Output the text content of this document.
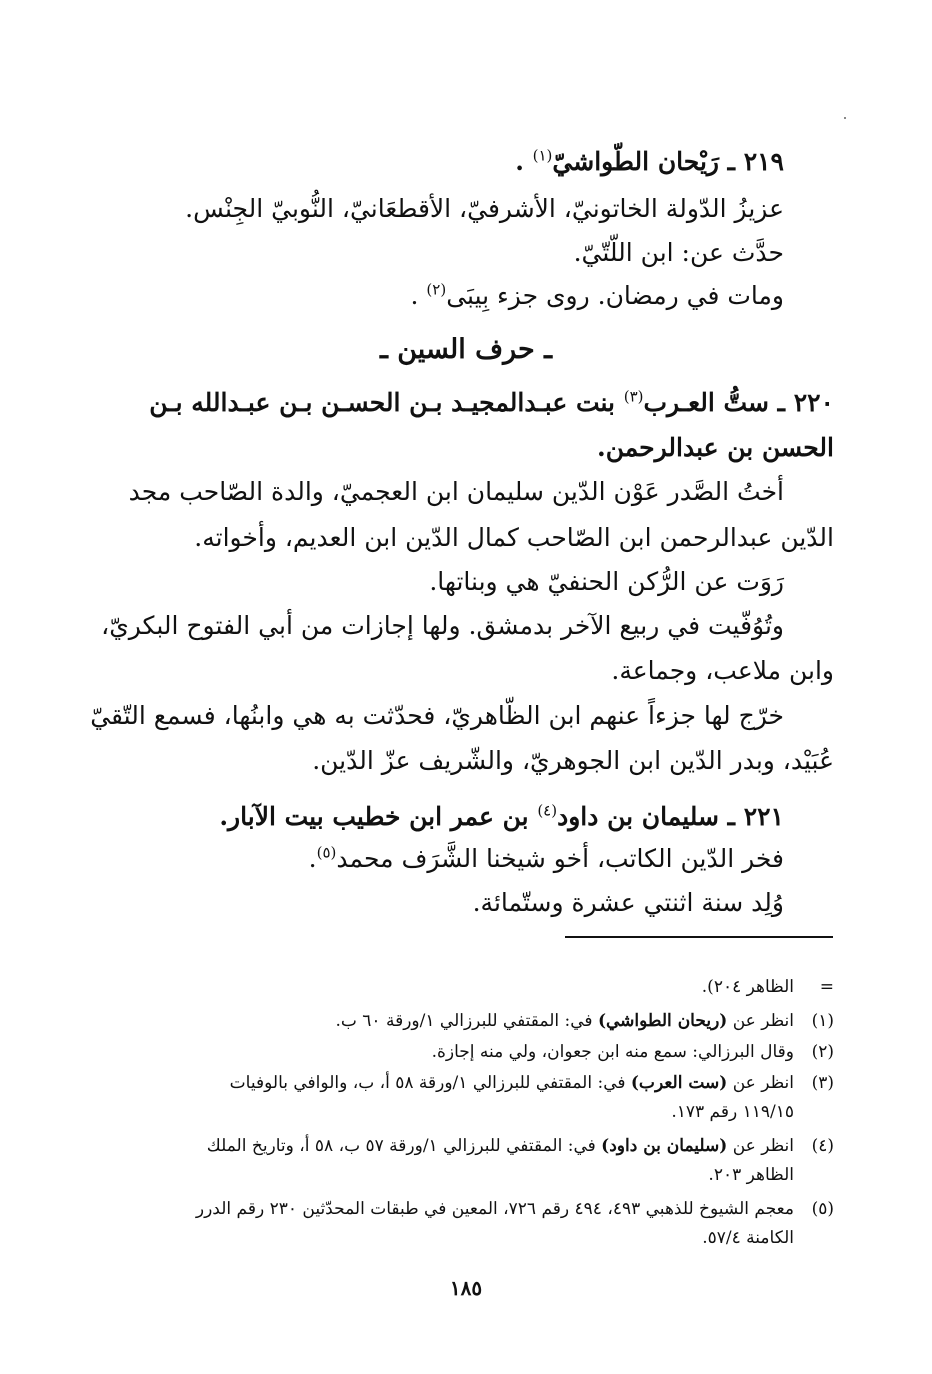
٢١٩ ـ رَيْحان الطّواشيّ$^{(١)}$ .
عزيزُ الدّولة الخاتونيّ، الأشرفيّ، الأقطعَانيّ، النُّوبيّ الجِنْس.
حدَّث عن: ابن اللّتّيّ.
ومات في رمضان. روى جزء بِيبَى$^{(٢)}$ .
ـ حرف السين ـ
٢٢٠ ـ ستُّ العـرب$^{(٣)}$ بنت عبـدالمجيـد بـن الحسـن بـن عبـدالله بـن
الحسن بن عبدالرحمن.
أختُ الصَّدر عَوْن الدّين سليمان ابن العجميّ، والدة الصّاحب مجد
الدّين عبدالرحمن ابن الصّاحب كمال الدّين ابن العديم، وأخواته.
رَوَت عن الرُّكن الحنفيّ هي وبناتها.
وتُوُفّيت في ربيع الآخر بدمشق. ولها إجازات من أبي الفتوح البكريّ،
وابن ملاعب، وجماعة.
خرّج لها جزءاً عنهم ابن الظّاهريّ، فحدّثت به هي وابنُها، فسمع التّقيّ
عُبَيْد، وبدر الدّين ابن الجوهريّ، والشّريف عزّ الدّين.
٢٢١ ـ سليمان بن داود$^{(٤)}$ بن عمر ابن خطيب بيت الآبار.
فخر الدّين الكاتب، أخو شيخنا الشَّرَف محمد$^{(٥)}$.
وُلِد سنة اثنتي عشرة وستّمائة.
=الظاهر ٢٠٤).
(١)انظر عن (ريحان الطواشي) في: المقتفي للبرزالي ١/ورقة ٦٠ ب.
(٢)وقال البرزالي: سمع منه ابن جعوان، ولي منه إجازة.
(٣)انظر عن (ست العرب) في: المقتفي للبرزالي ١/ورقة ٥٨ أ، ب، والوافي بالوفيات
١١٩/١٥ رقم ١٧٣.
(٤)انظر عن (سليمان بن داود) في: المقتفي للبرزالي ١/ورقة ٥٧ ب، ٥٨ أ، وتاريخ الملك
الظاهر ٢٠٣.
(٥)معجم الشيوخ للذهبي ٤٩٣، ٤٩٤ رقم ٧٢٦، المعين في طبقات المحدّثين ٢٣٠ رقم الدرر
الكامنة ٥٧/٤.
١٨٥
